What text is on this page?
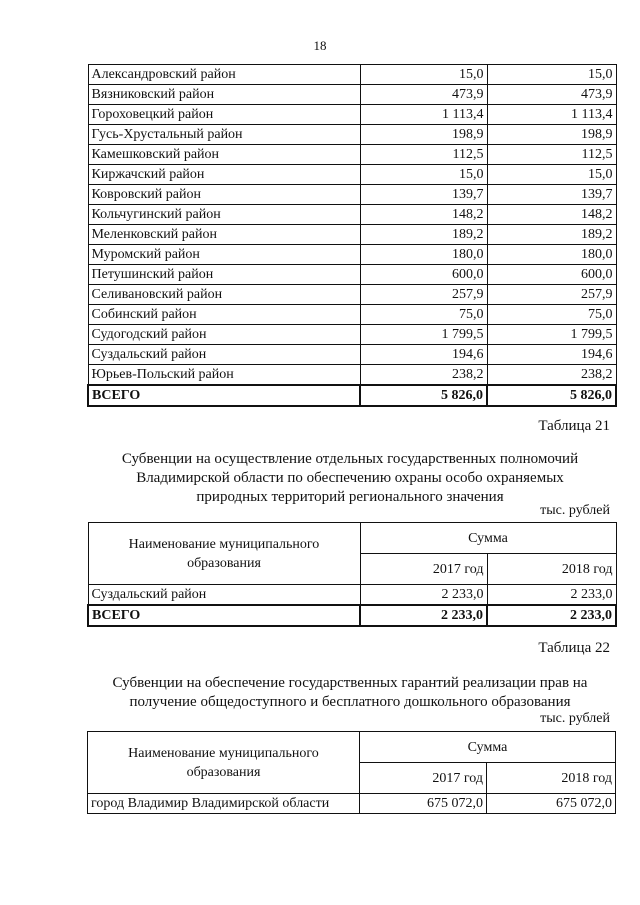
18
Александровский район	15,0	15,0
Вязниковский район	473,9	473,9
Гороховецкий район	1 113,4	1 113,4
Гусь-Хрустальный район	198,9	198,9
Камешковский район	112,5	112,5
Киржачский район	15,0	15,0
Ковровский район	139,7	139,7
Кольчугинский район	148,2	148,2
Меленковский район	189,2	189,2
Муромский район	180,0	180,0
Петушинский район	600,0	600,0
Селивановский район	257,9	257,9
Собинский район	75,0	75,0
Судогодский район	1 799,5	1 799,5
Суздальский район	194,6	194,6
Юрьев-Польский район	238,2	238,2
ВСЕГО	5 826,0	5 826,0
Таблица 21
Субвенции на осуществление отдельных государственных полномочий Владимирской области по обеспечению охраны особо охраняемых природных территорий регионального значения
тыс. рублей
Наименование муниципального образования	Сумма	
	2017 год	2018 год
Суздальский район	2 233,0	2 233,0
ВСЕГО	2 233,0	2 233,0
Таблица 22
Субвенции на обеспечение государственных гарантий реализации прав на получение общедоступного и бесплатного дошкольного образования
тыс. рублей
Наименование муниципального образования	Сумма	
	2017 год	2018 год
город Владимир Владимирской области	675 072,0	675 072,0
